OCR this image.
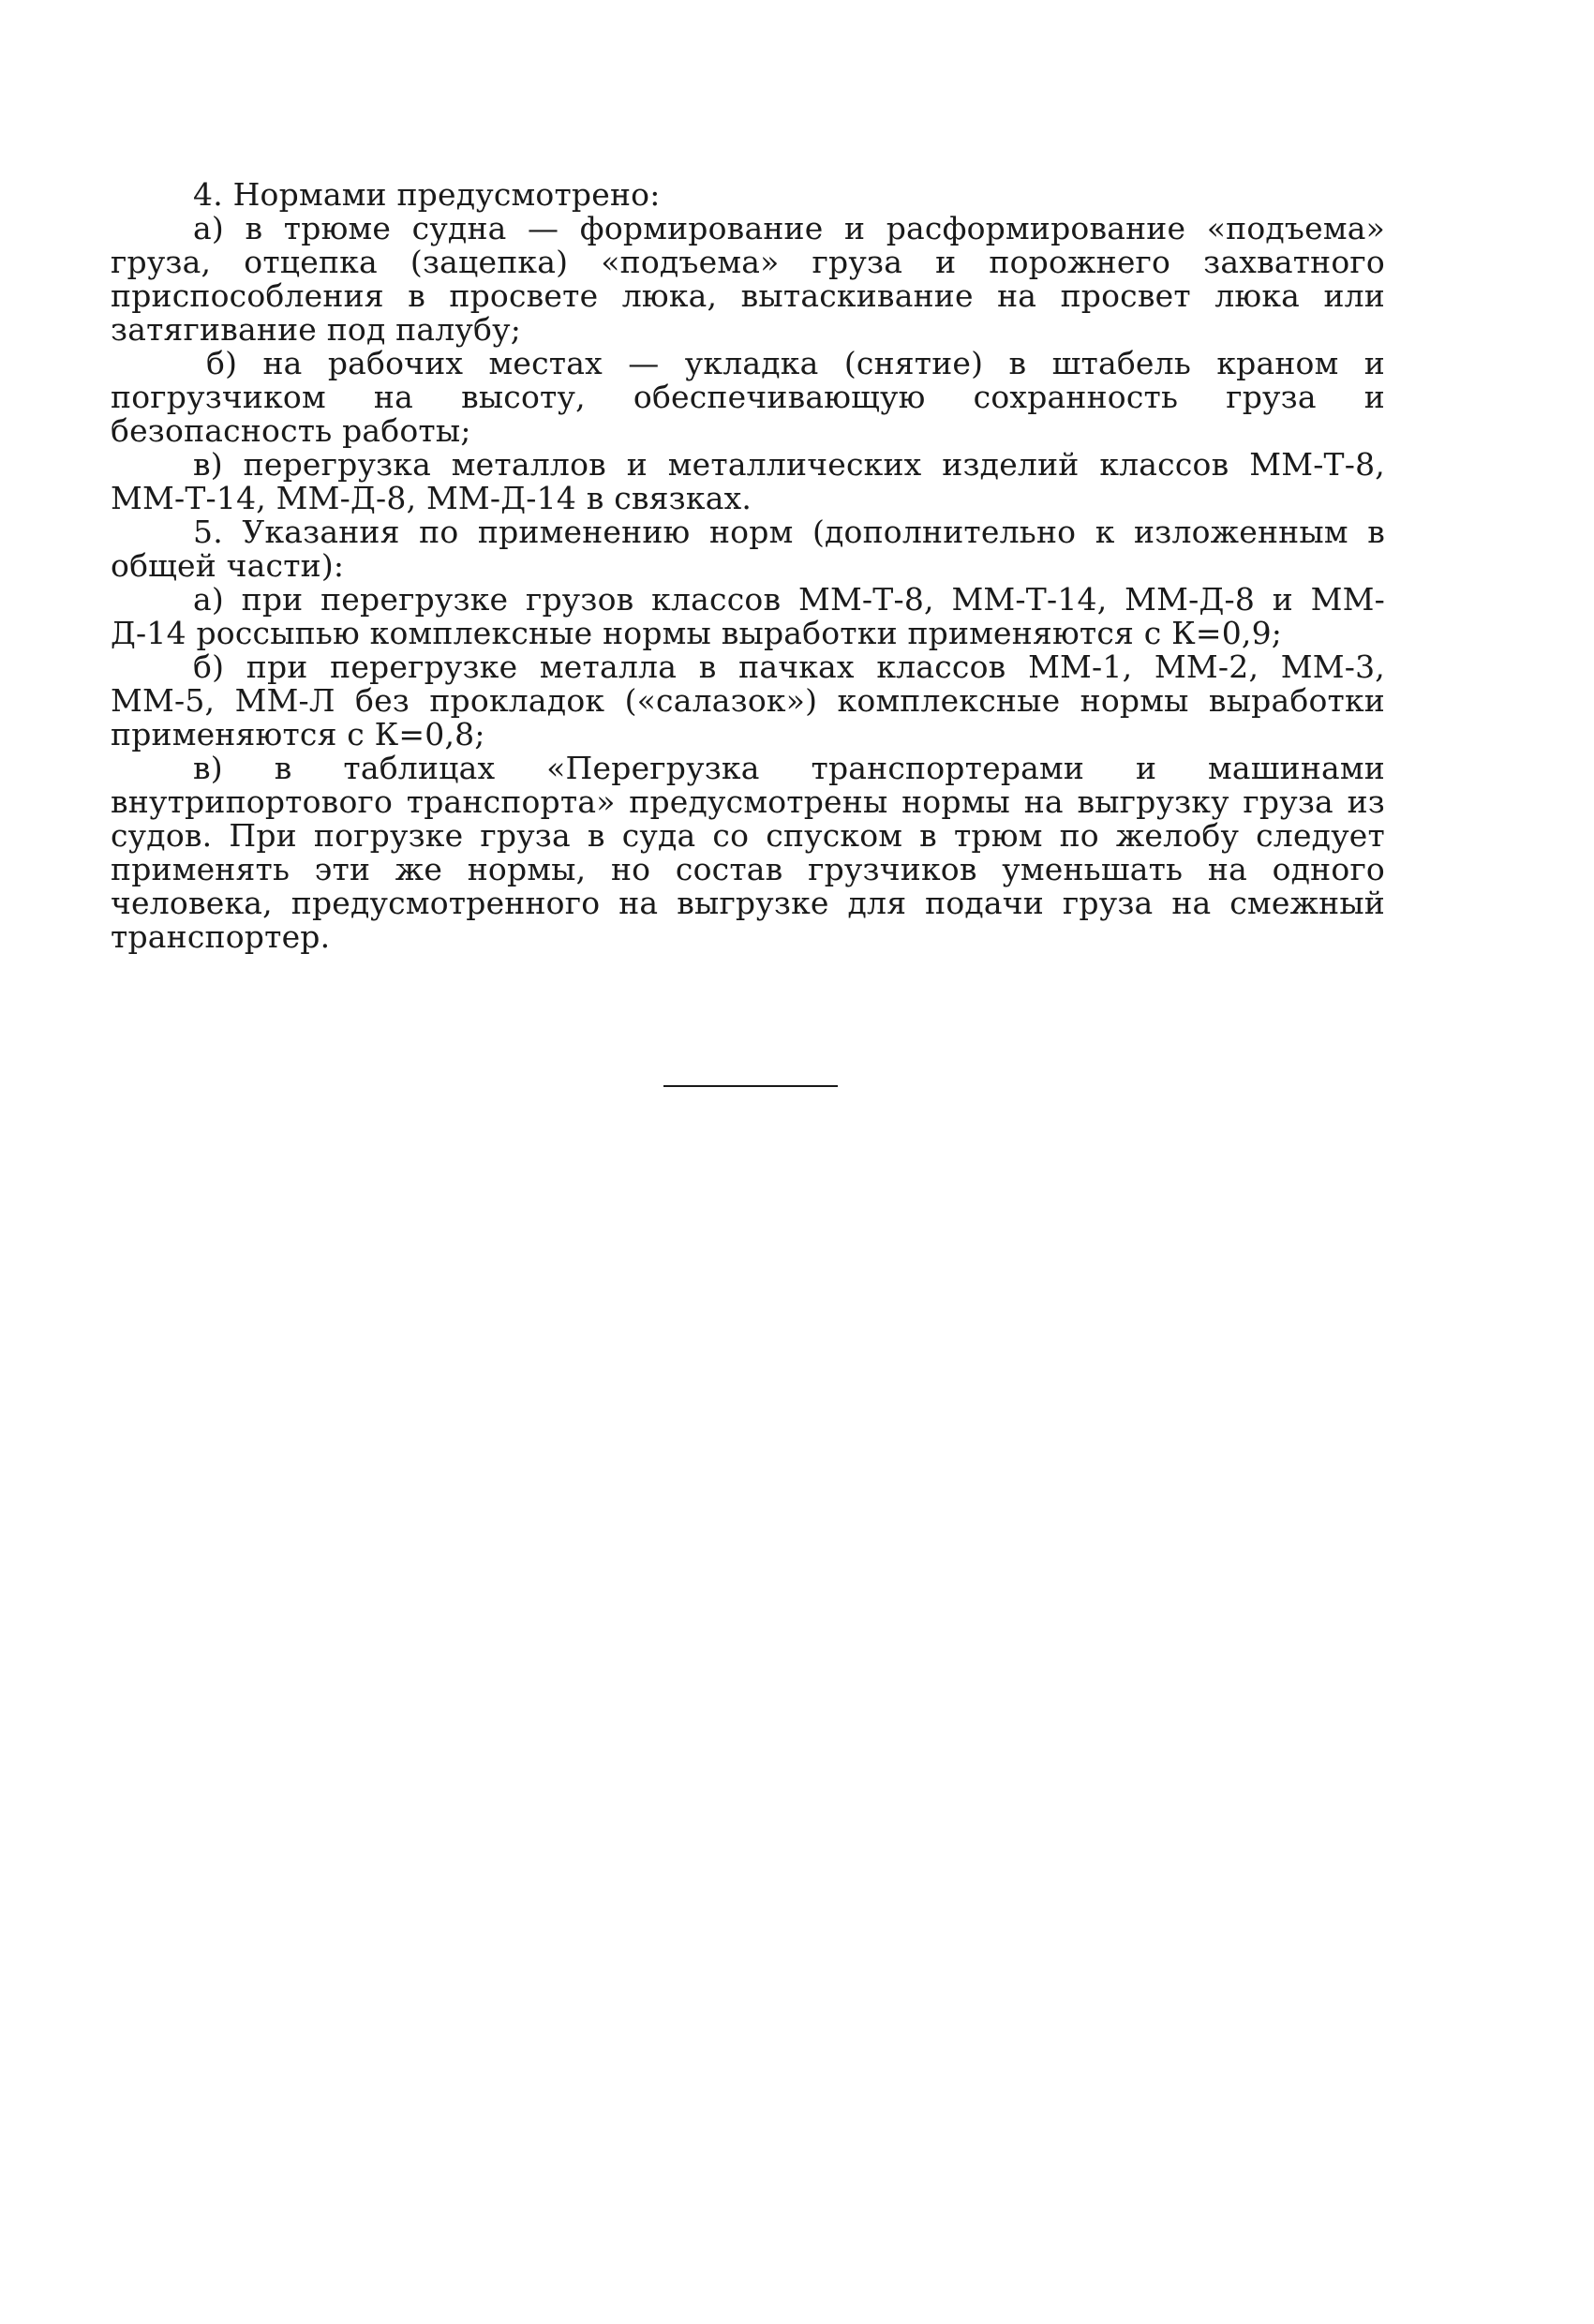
4. Нормами предусмотрено:

а) в трюме судна — формирование и расформирование «подъема» груза, отцепка (зацепка) «подъема» груза и порожнего захватного приспособления в просвете люка, вытаскивание на просвет люка или затягивание под палубу;

б) на рабочих местах — укладка (снятие) в штабель краном и погрузчиком на высоту, обеспечивающую сохранность груза и безопасность работы;

в) перегрузка металлов и металлических изделий классов ММ-Т-8, ММ-Т-14, ММ-Д-8, ММ-Д-14 в связках.

5. Указания по применению норм (дополнительно к изложенным в общей части):

а) при перегрузке грузов классов ММ-Т-8, ММ-Т-14, ММ-Д-8 и ММ-Д-14 россыпью комплексные нормы выработки применяются с К=0,9;

б) при перегрузке металла в пачках классов ММ-1, ММ-2, ММ-3, ММ-5, ММ-Л без прокладок («салазок») комплексные нормы выработки применяются с К=0,8;

в) в таблицах «Перегрузка транспортерами и машинами внутрипортового транспорта» предусмотрены нормы на выгрузку груза из судов. При погрузке груза в суда со спуском в трюм по желобу следует применять эти же нормы, но состав грузчиков уменьшать на одного человека, предусмотренного на выгрузке для подачи груза на смежный транспортер.
